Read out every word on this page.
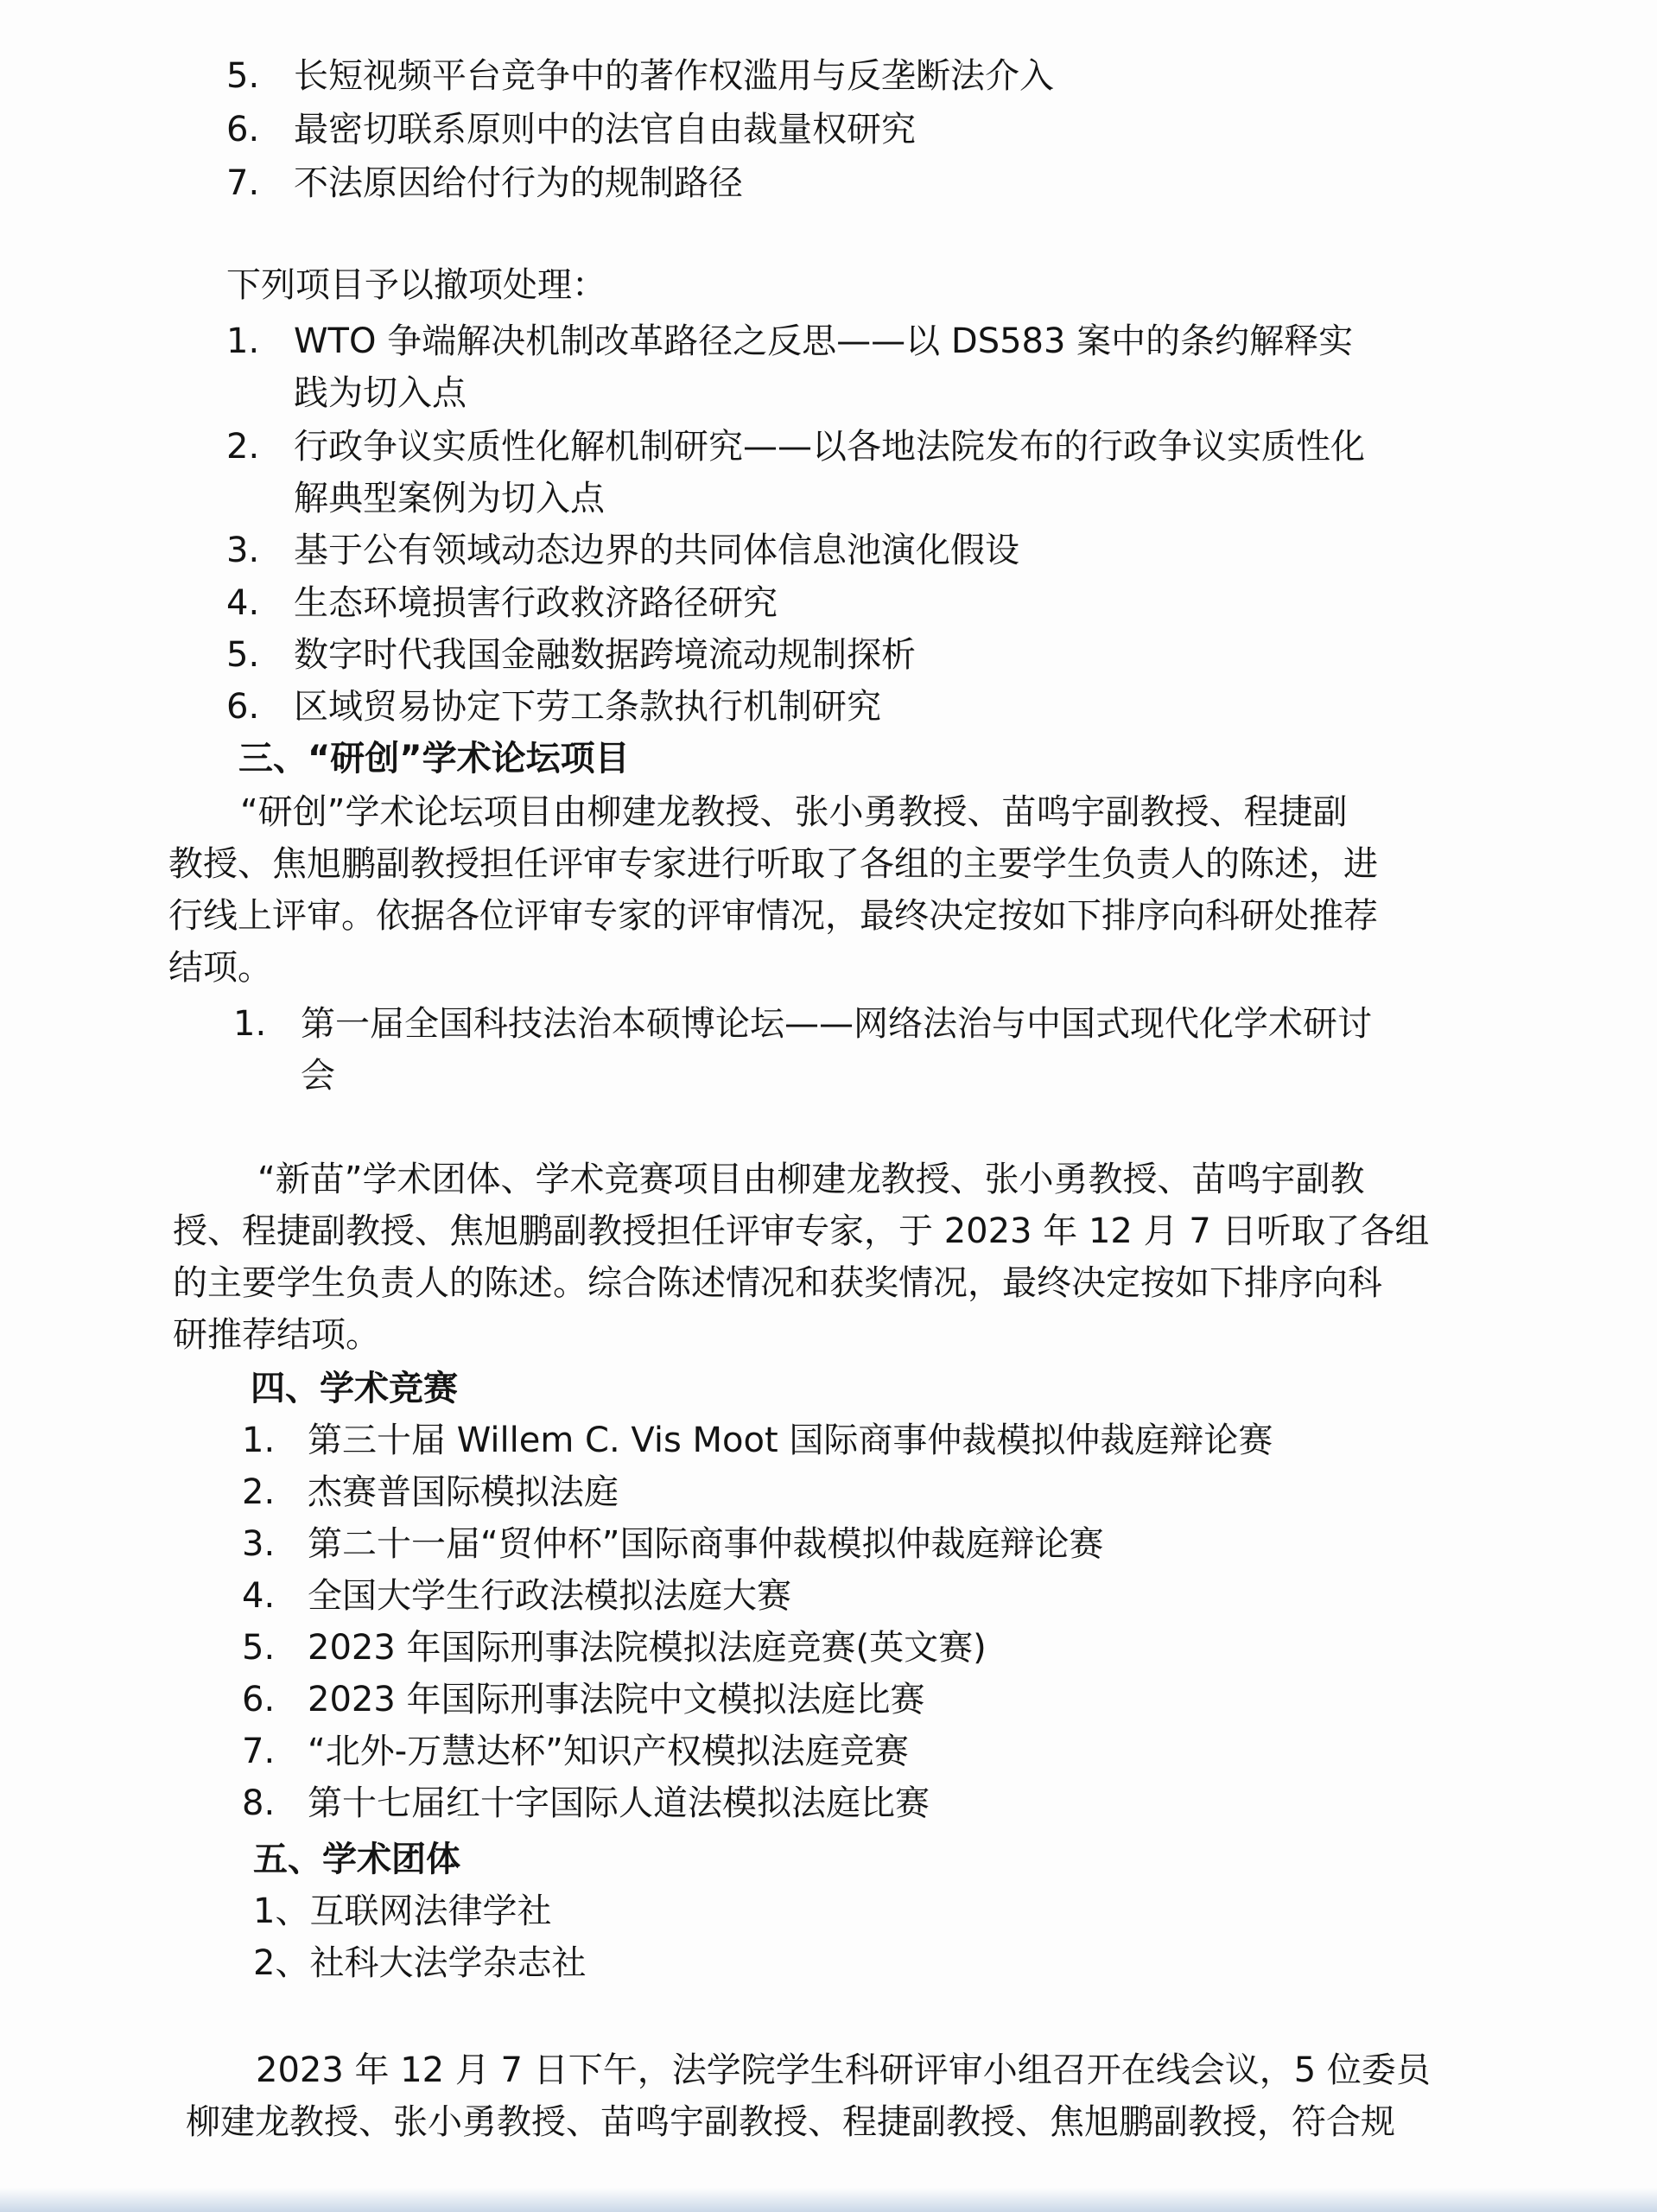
5. 长短视频平台竞争中的著作权滥用与反垄断法介入
6. 最密切联系原则中的法官自由裁量权研究
7. 不法原因给付行为的规制路径
下列项目予以撤项处理：
1. WTO 争端解决机制改革路径之反思——以 DS583 案中的条约解释实
践为切入点
2. 行政争议实质性化解机制研究——以各地法院发布的行政争议实质性化
解典型案例为切入点
3. 基于公有领域动态边界的共同体信息池演化假设
4. 生态环境损害行政救济路径研究
5. 数字时代我国金融数据跨境流动规制探析
6. 区域贸易协定下劳工条款执行机制研究
三、“研创”学术论坛项目
“研创”学术论坛项目由柳建龙教授、张小勇教授、苗鸣宇副教授、程捷副
教授、焦旭鹏副教授担任评审专家进行听取了各组的主要学生负责人的陈述，进
行线上评审。依据各位评审专家的评审情况，最终决定按如下排序向科研处推荐
结项。
1. 第一届全国科技法治本硕博论坛——网络法治与中国式现代化学术研讨
会
“新苗”学术团体、学术竞赛项目由柳建龙教授、张小勇教授、苗鸣宇副教
授、程捷副教授、焦旭鹏副教授担任评审专家，于 2023 年 12 月 7 日听取了各组
的主要学生负责人的陈述。综合陈述情况和获奖情况，最终决定按如下排序向科
研推荐结项。
四、学术竞赛
1. 第三十届 Willem C. Vis Moot 国际商事仲裁模拟仲裁庭辩论赛
2. 杰赛普国际模拟法庭
3. 第二十一届“贸仲杯”国际商事仲裁模拟仲裁庭辩论赛
4. 全国大学生行政法模拟法庭大赛
5. 2023 年国际刑事法院模拟法庭竞赛(英文赛)
6. 2023 年国际刑事法院中文模拟法庭比赛
7. “北外-万慧达杯”知识产权模拟法庭竞赛
8. 第十七届红十字国际人道法模拟法庭比赛
五、学术团体
1、互联网法律学社
2、社科大法学杂志社
2023 年 12 月 7 日下午，法学院学生科研评审小组召开在线会议，5 位委员
柳建龙教授、张小勇教授、苗鸣宇副教授、程捷副教授、焦旭鹏副教授，符合规
